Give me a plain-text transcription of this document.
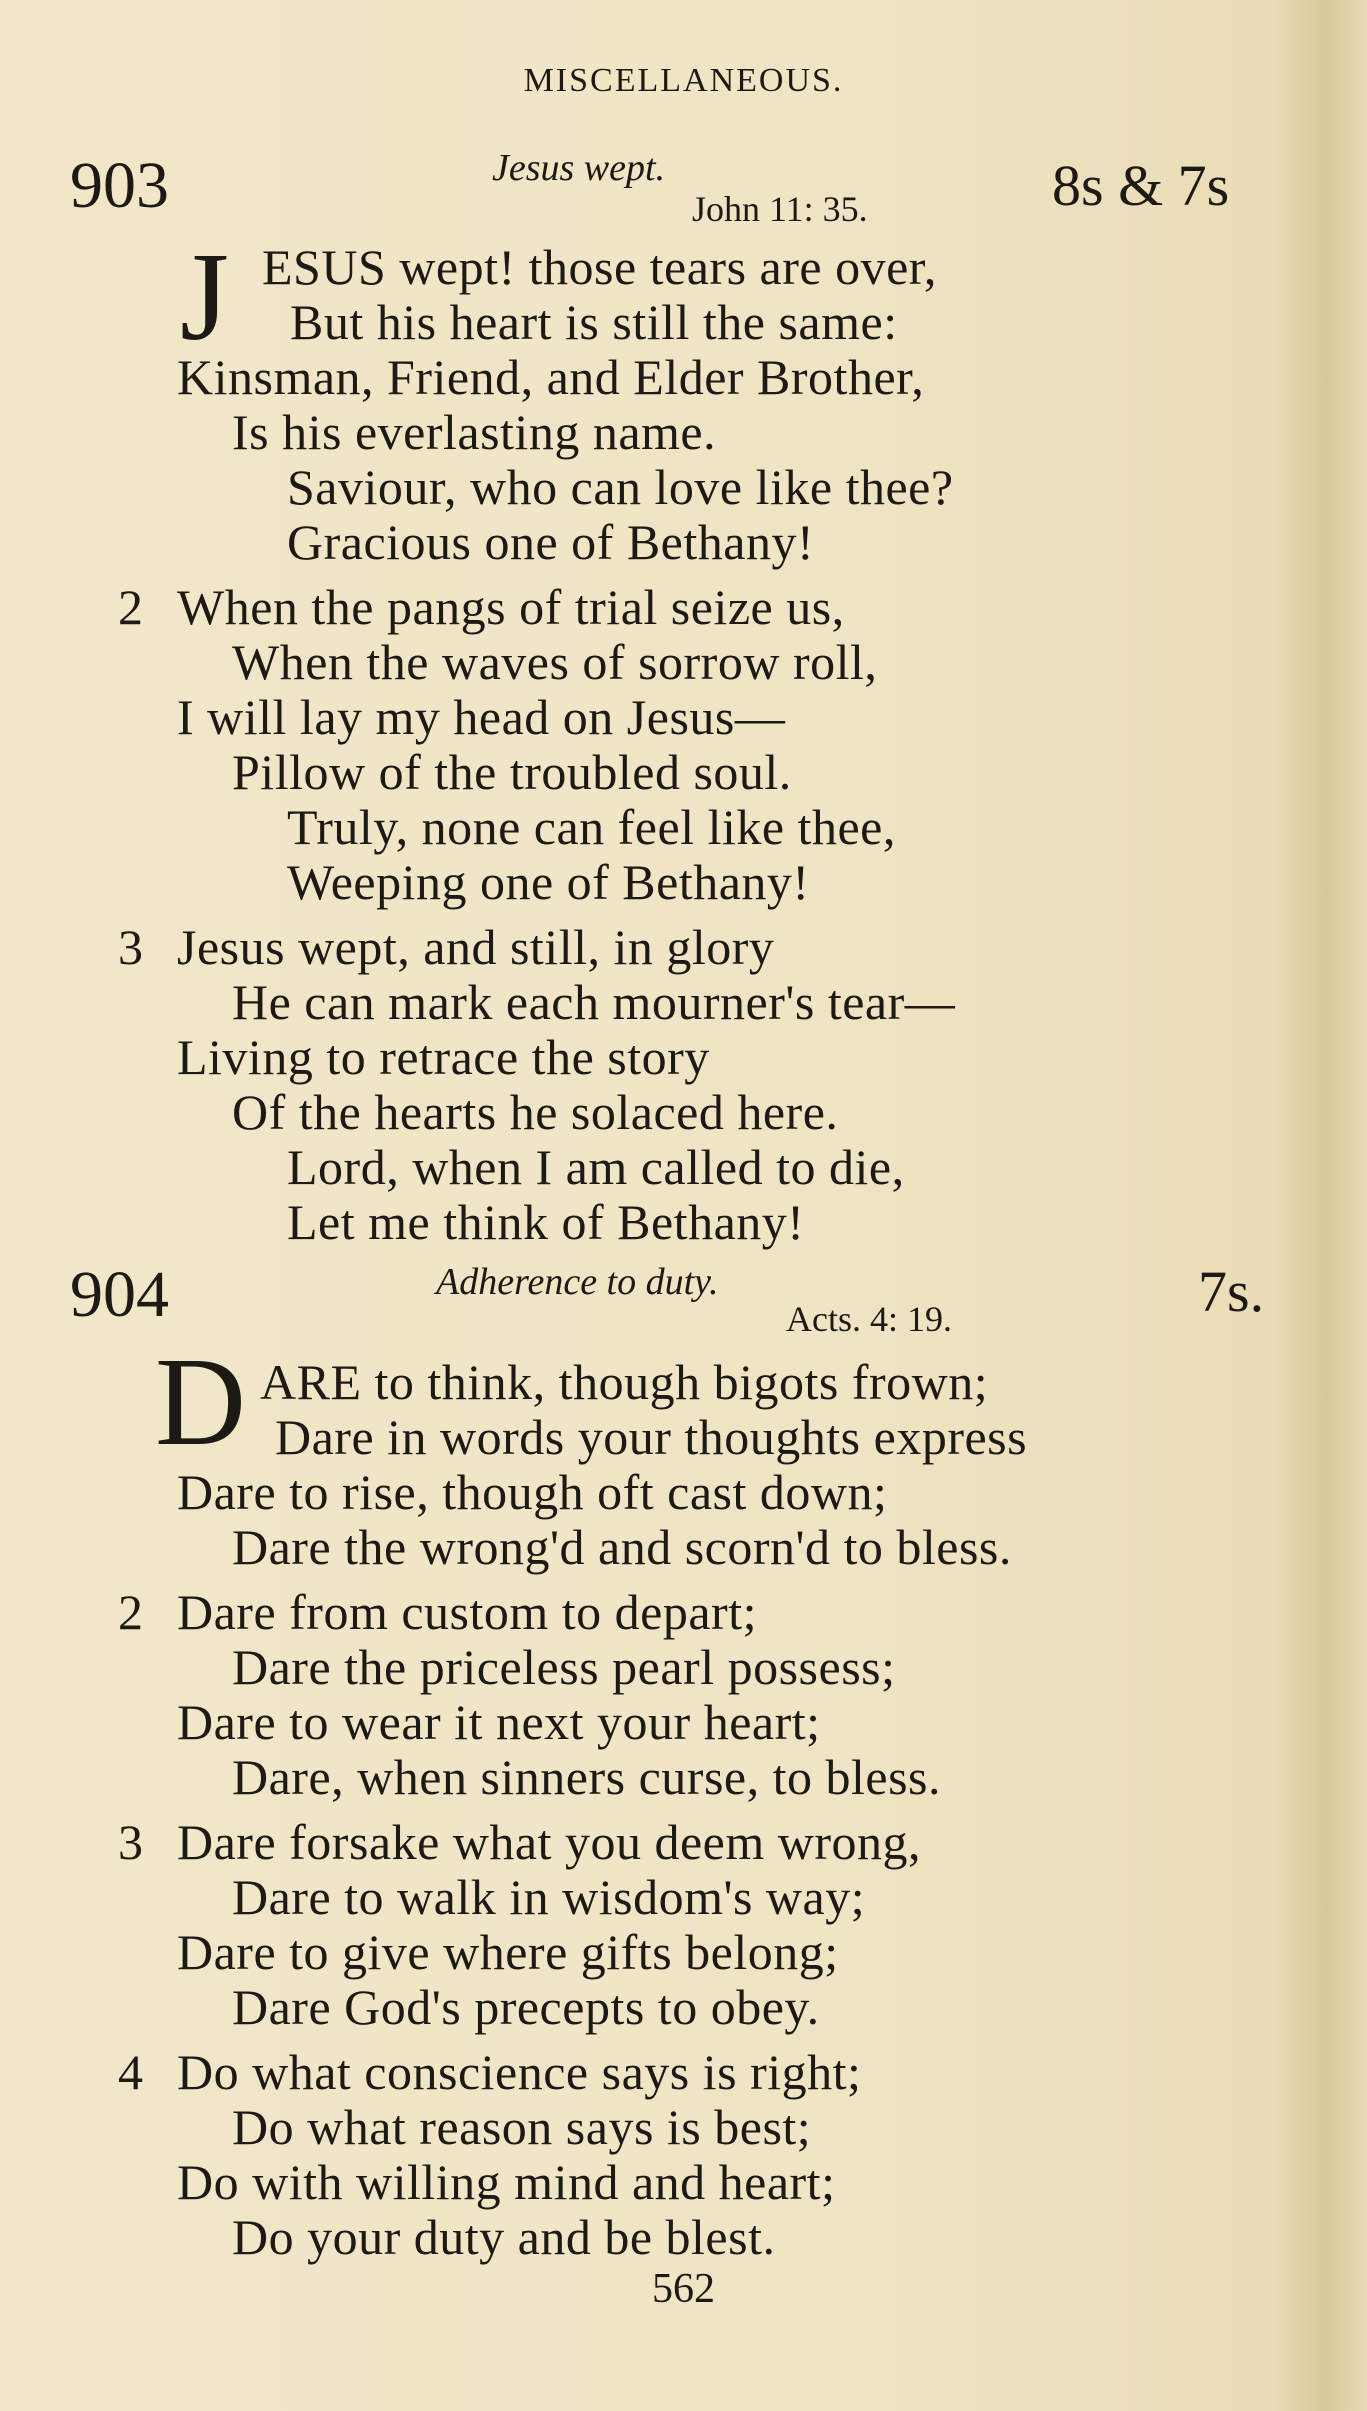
MISCELLANEOUS.
903	Jesus wept.
John 11: 35.	8s & 7s
J ESUS wept! those tears are over,
But his heart is still the same:
Kinsman, Friend, and Elder Brother,
Is his everlasting name.
Saviour, who can love like thee?
Gracious one of Bethany!
2 When the pangs of trial seize us,
When the waves of sorrow roll,
I will lay my head on Jesus—
Pillow of the troubled soul.
Truly, none can feel like thee,
Weeping one of Bethany!
3 Jesus wept, and still, in glory
He can mark each mourner's tear—
Living to retrace the story
Of the hearts he solaced here.
Lord, when I am called to die,
Let me think of Bethany!
904	Adherence to duty.
Acts. 4: 19.	7s.
D ARE to think, though bigots frown;
Dare in words your thoughts express
Dare to rise, though oft cast down;
Dare the wrong'd and scorn'd to bless.
2 Dare from custom to depart;
Dare the priceless pearl possess;
Dare to wear it next your heart;
Dare, when sinners curse, to bless.
3 Dare forsake what you deem wrong,
Dare to walk in wisdom's way;
Dare to give where gifts belong;
Dare God's precepts to obey.
4 Do what conscience says is right;
Do what reason says is best;
Do with willing mind and heart;
Do your duty and be blest.
562
